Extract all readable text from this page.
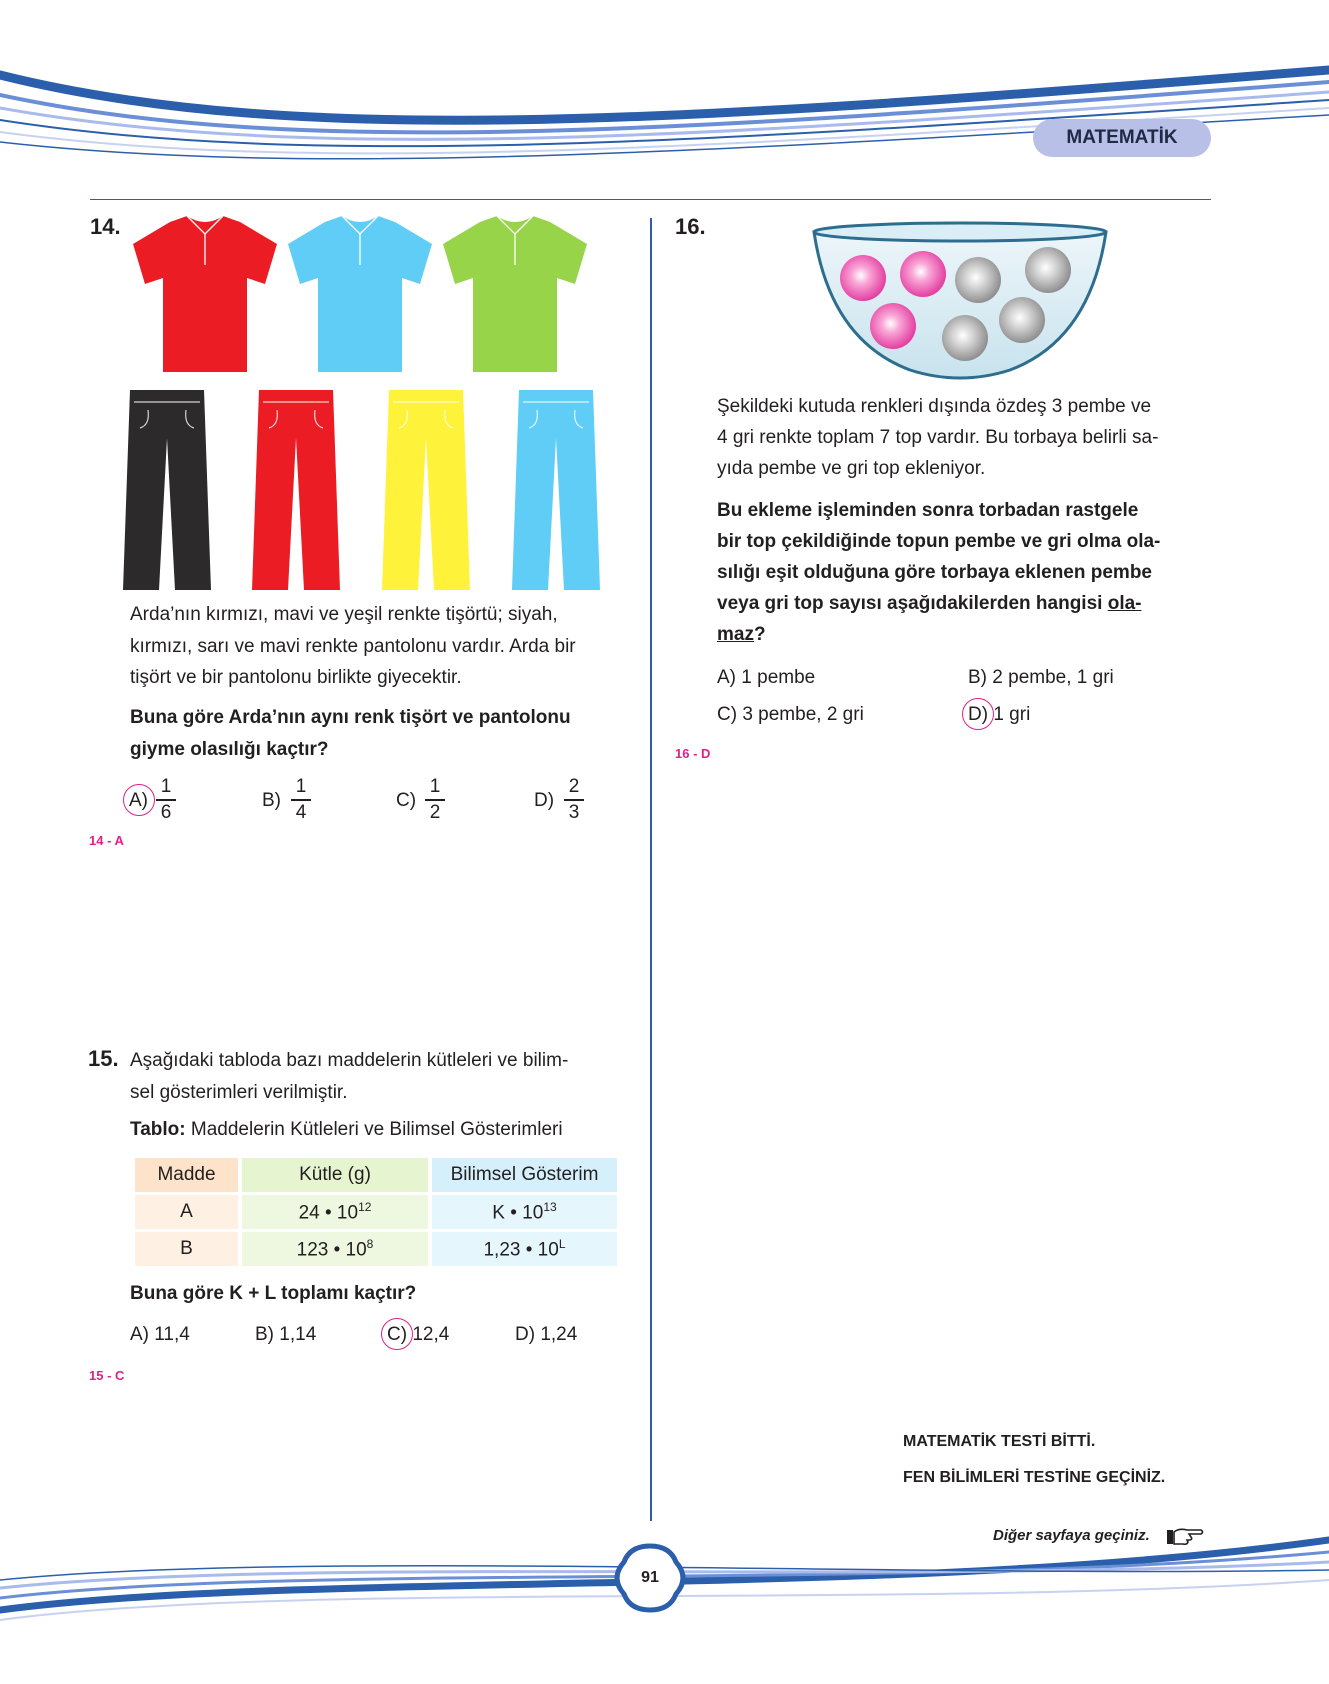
MATEMATİK
14.
Arda’nın kırmızı, mavi ve yeşil renkte tişörtü; siyah, kırmızı, sarı ve mavi renkte pantolonu vardır. Arda bir tişört ve bir pantolonu birlikte giyecektir.
Buna göre Arda’nın aynı renk tişört ve pantolonu giyme olasılığı kaçtır?
A)
1
6
B)
1
4
C)
1
2
D)
2
3
14 - A
15. Aşağıdaki tabloda bazı maddelerin kütleleri ve bilim-
sel gösterimleri verilmiştir.
Tablo: Maddelerin Kütleleri ve Bilimsel Gösterimleri
Madde	Kütle (g)	Bilimsel Gösterim
A	24 • $10^{12}$	K • $10^{13}$
B	123 • $10^8$	1,23 • $10^L$
Buna göre K + L toplamı kaçtır?
A) 11,4	B) 1,14	C) 12,4	D) 1,24
15 - C
16.
Şekildeki kutuda renkleri dışında özdeş 3 pembe ve
4 gri renkte toplam 7 top vardır. Bu torbaya belirli sa-
yıda pembe ve gri top ekleniyor.
Bu ekleme işleminden sonra torbadan rastgele
bir top çekildiğinde topun pembe ve gri olma ola-
sılığı eşit olduğuna göre torbaya eklenen pembe
veya gri top sayısı aşağıdakilerden hangisi ola-
maz?
A) 1 pembe	B) 2 pembe, 1 gri
C) 3 pembe, 2 gri	D) 1 gri
16 - D
MATEMATİK TESTİ BİTTİ.
FEN BİLİMLERİ TESTİNE GEÇİNİZ.
Diğer sayfaya geçiniz.
91
